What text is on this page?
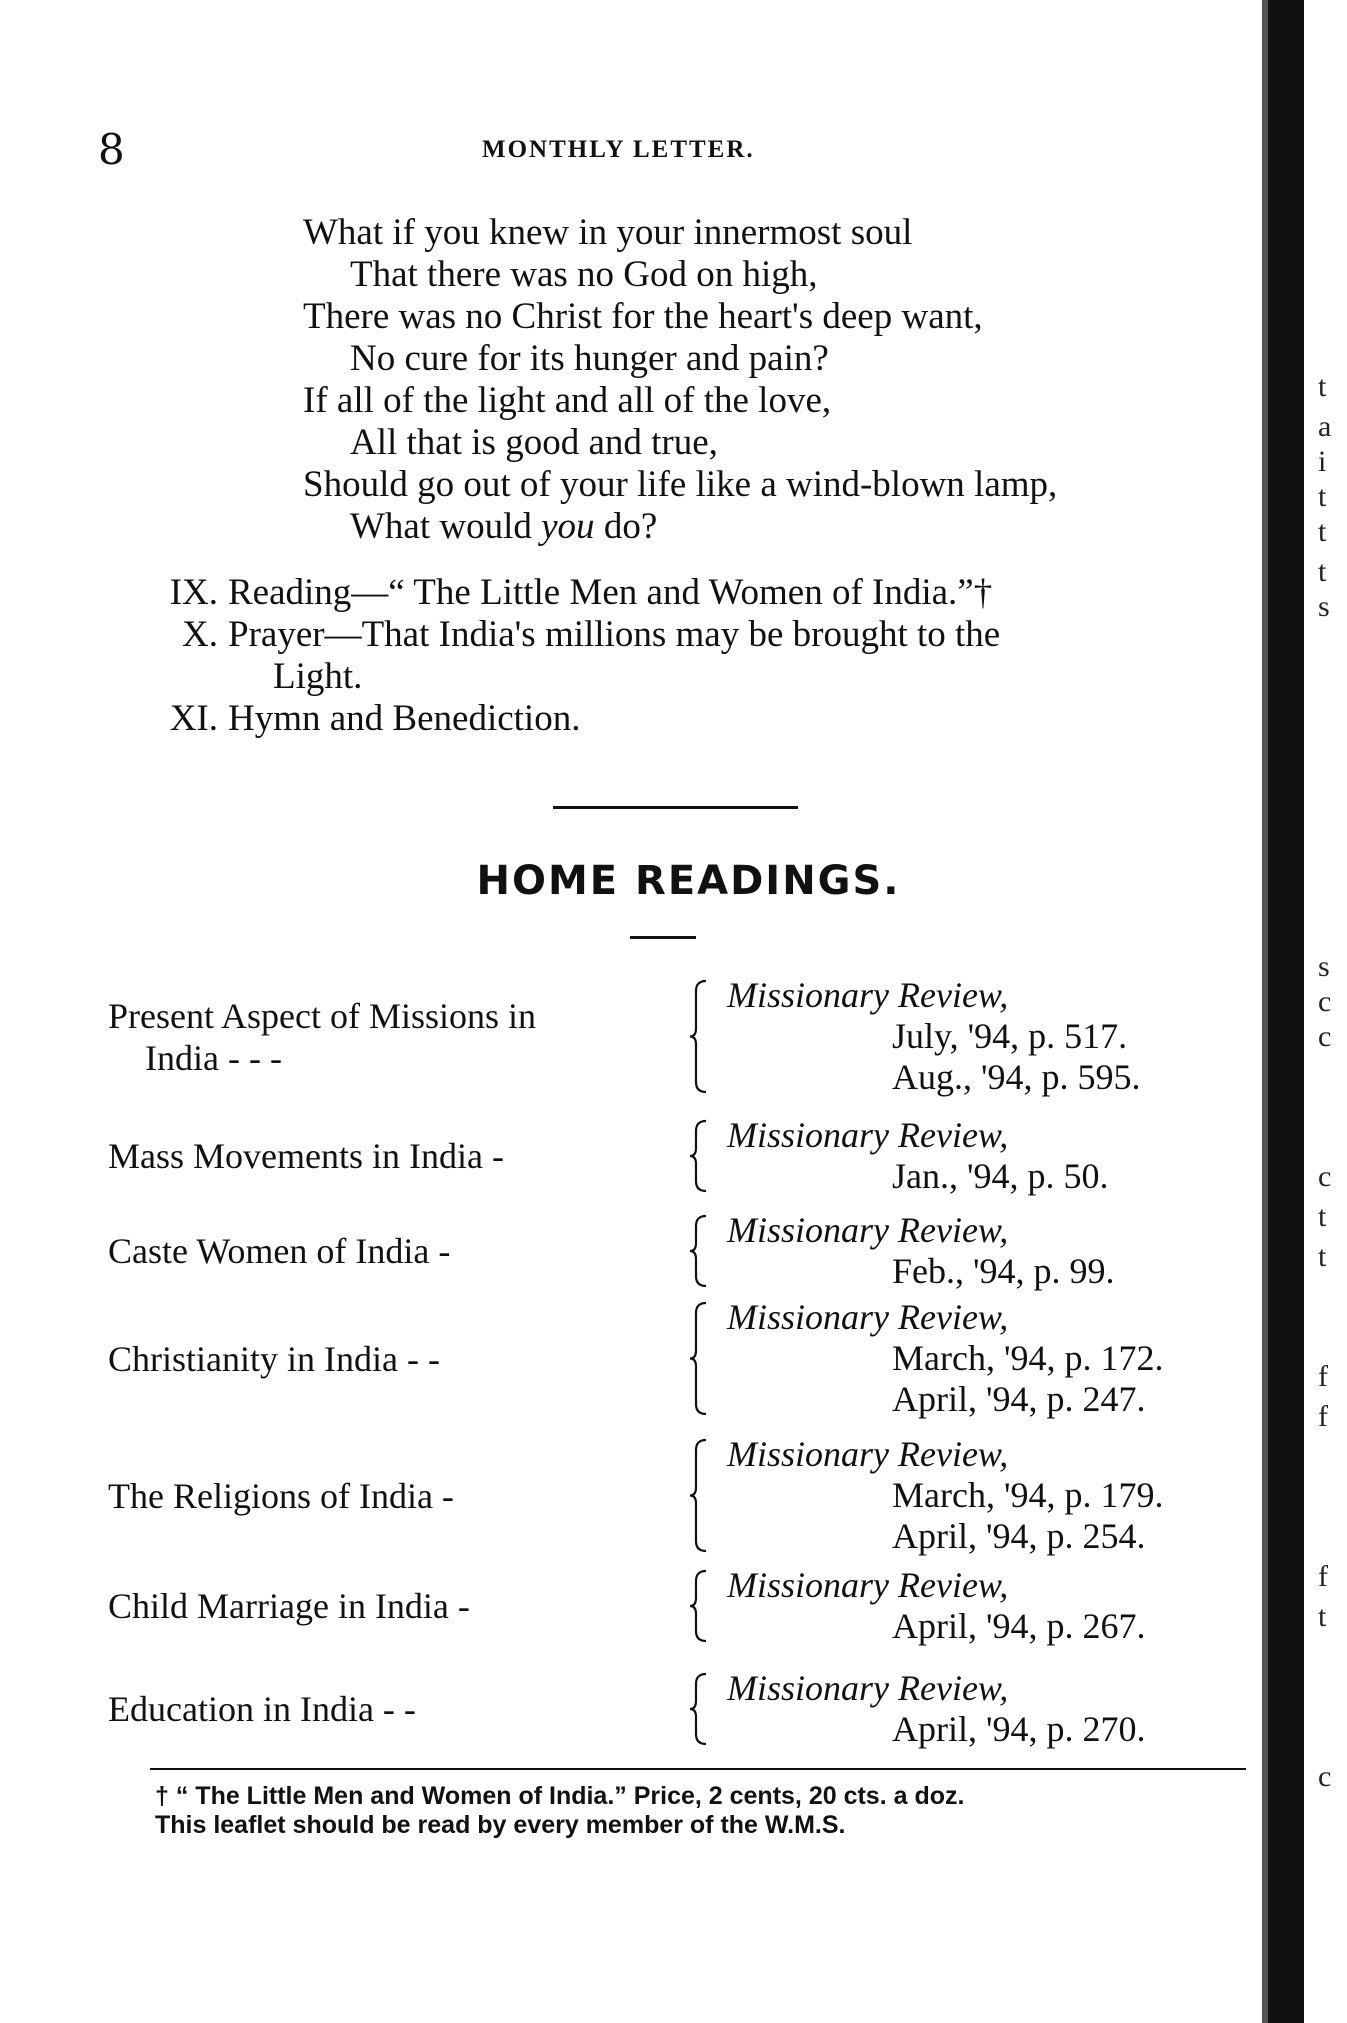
8	MONTHLY LETTER.
What if you knew in your innermost soul
That there was no God on high,
There was no Christ for the heart's deep want,
No cure for its hunger and pain?
If all of the light and all of the love,
All that is good and true,
Should go out of your life like a wind-blown lamp,
What would you do?
IX. Reading—“ The Little Men and Women of India.”†
X. Prayer—That India's millions may be brought to the
Light.
XI. Hymn and Benediction.
HOME READINGS.
Present Aspect of Missions in
India - - -
Missionary Review,
July, '94, p. 517.
Aug., '94, p. 595.
Mass Movements in India -
Missionary Review,
Jan., '94, p. 50.
Caste Women of India -
Missionary Review,
Feb., '94, p. 99.
Christianity in India - -
Missionary Review,
March, '94, p. 172.
April, '94, p. 247.
The Religions of India -
Missionary Review,
March, '94, p. 179.
April, '94, p. 254.
Child Marriage in India -
Missionary Review,
April, '94, p. 267.
Education in India - -
Missionary Review,
April, '94, p. 270.
† “ The Little Men and Women of India.” Price, 2 cents, 20 cts. a doz.
This leaflet should be read by every member of the W.M.S.
t
a
i
t
t
t
s
s
c
c
c
t
t
f
f
f
t
c
